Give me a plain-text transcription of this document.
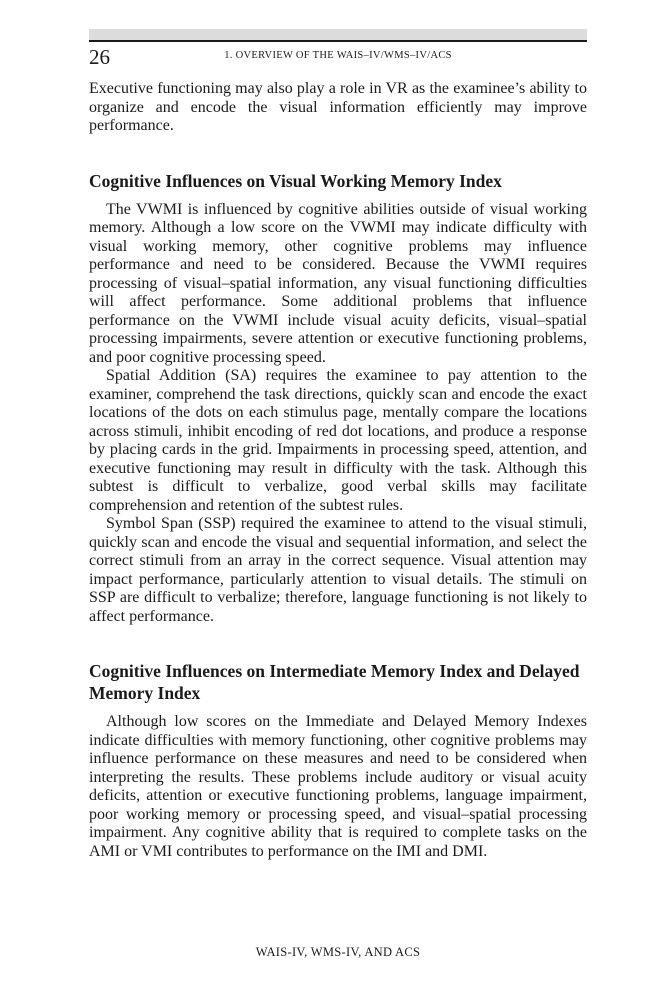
26	1. OVERVIEW OF THE WAIS–IV/WMS–IV/ACS

Executive functioning may also play a role in VR as the examinee’s ability to organize and encode the visual information efficiently may improve performance.

Cognitive Influences on Visual Working Memory Index

The VWMI is influenced by cognitive abilities outside of visual working memory. Although a low score on the VWMI may indicate difficulty with visual working memory, other cognitive problems may influence performance and need to be considered. Because the VWMI requires processing of visual–spatial information, any visual functioning difficulties will affect performance. Some additional problems that influence performance on the VWMI include visual acuity deficits, visual–spatial processing impairments, severe attention or executive functioning problems, and poor cognitive processing speed.

Spatial Addition (SA) requires the examinee to pay attention to the examiner, comprehend the task directions, quickly scan and encode the exact locations of the dots on each stimulus page, mentally compare the locations across stimuli, inhibit encoding of red dot locations, and produce a response by placing cards in the grid. Impairments in processing speed, attention, and executive functioning may result in difficulty with the task. Although this subtest is difficult to verbalize, good verbal skills may facilitate comprehension and retention of the subtest rules.

Symbol Span (SSP) required the examinee to attend to the visual stimuli, quickly scan and encode the visual and sequential information, and select the correct stimuli from an array in the correct sequence. Visual attention may impact performance, particularly attention to visual details. The stimuli on SSP are difficult to verbalize; therefore, language functioning is not likely to affect performance.

Cognitive Influences on Intermediate Memory Index and Delayed Memory Index

Although low scores on the Immediate and Delayed Memory Indexes indicate difficulties with memory functioning, other cognitive problems may influence performance on these measures and need to be considered when interpreting the results. These problems include auditory or visual acuity deficits, attention or executive functioning problems, language impairment, poor working memory or processing speed, and visual–spatial processing impairment. Any cognitive ability that is required to complete tasks on the AMI or VMI contributes to performance on the IMI and DMI.

WAIS-IV, WMS-IV, AND ACS
